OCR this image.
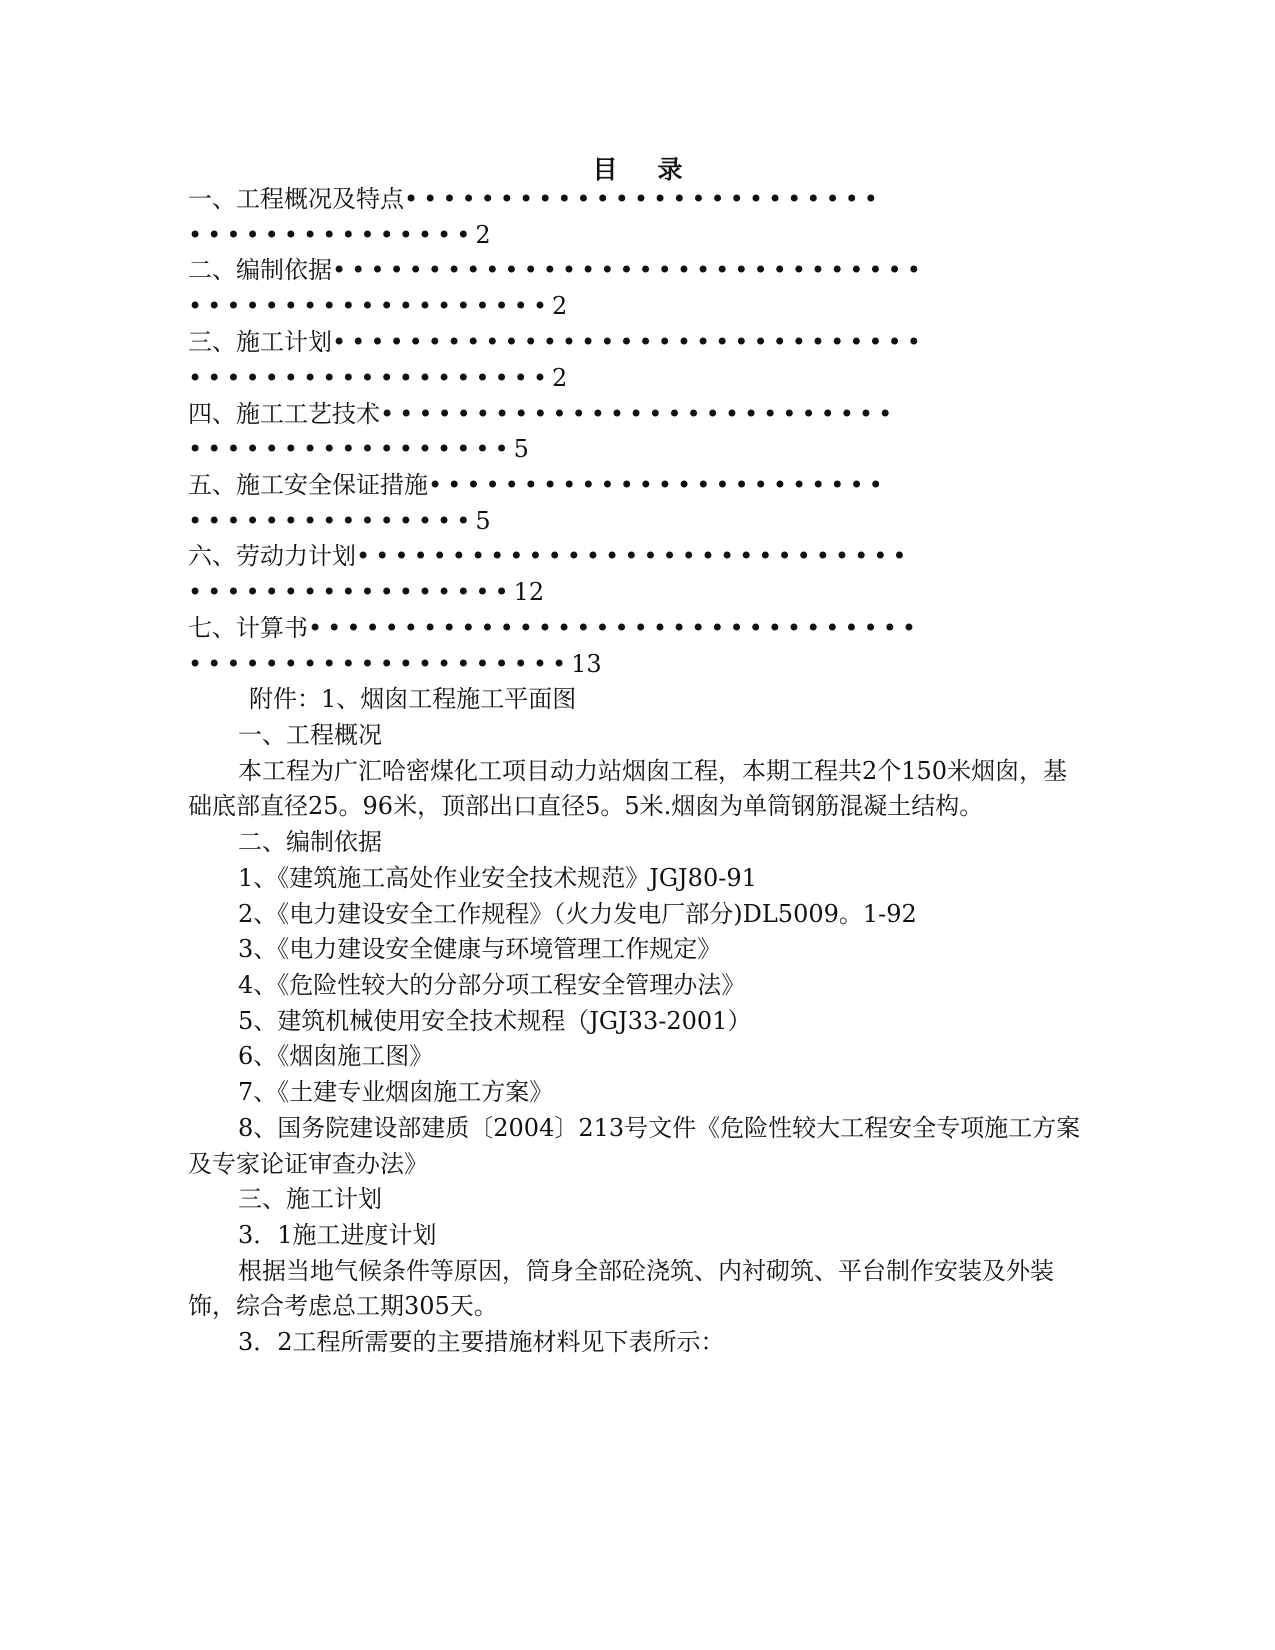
目录
一、工程概况及特点•••••••••••••••••••••••••
•••••••••••••••2
二、编制依据•••••••••••••••••••••••••••••••
•••••••••••••••••••2
三、施工计划•••••••••••••••••••••••••••••••
•••••••••••••••••••2
四、施工工艺技术•••••••••••••••••••••••••••
•••••••••••••••••5
五、施工安全保证措施••••••••••••••••••••••••
•••••••••••••••5
六、劳动力计划•••••••••••••••••••••••••••••
•••••••••••••••••12
七、计算书••••••••••••••••••••••••••••••••
••••••••••••••••••••13
附件：1、烟囱工程施工平面图
一、工程概况
本工程为广汇哈密煤化工项目动力站烟囱工程，本期工程共2个150米烟囱，基
础底部直径25。96米，顶部出口直径5。5米.烟囱为单筒钢筋混凝土结构。
二、编制依据
1、《建筑施工高处作业安全技术规范》JGJ80-91
2、《电力建设安全工作规程》（火力发电厂部分)DL5009。1-92
3、《电力建设安全健康与环境管理工作规定》
4、《危险性较大的分部分项工程安全管理办法》
5、建筑机械使用安全技术规程（JGJ33-2001）
6、《烟囱施工图》
7、《土建专业烟囱施工方案》
8、国务院建设部建质〔2004〕213号文件《危险性较大工程安全专项施工方案
及专家论证审查办法》
三、施工计划
3．1施工进度计划
根据当地气候条件等原因，筒身全部砼浇筑、内衬砌筑、平台制作安装及外装
饰，综合考虑总工期305天。
3．2工程所需要的主要措施材料见下表所示：
